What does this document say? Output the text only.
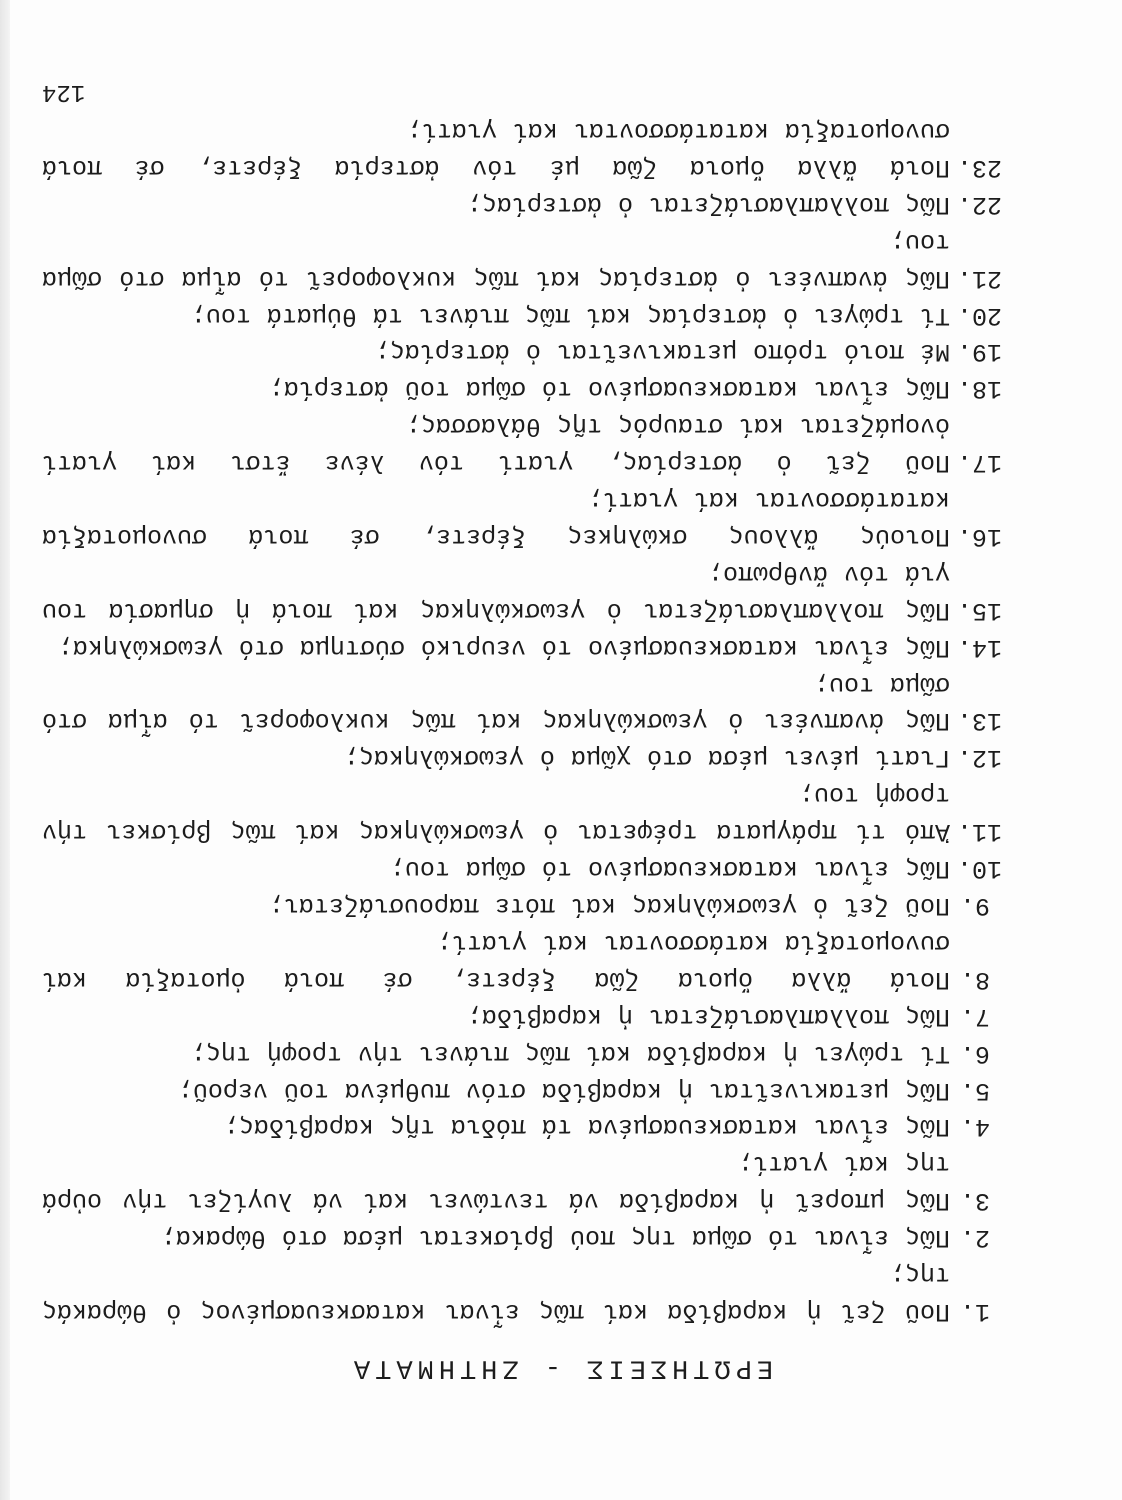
ΕΡΩΤΗΣΕΙΣ - ΖΗΤΗΜΑΤΑ
1.
Ποῦ ζεῖ ἡ καραβίδα καί πῶς εἶναι κατασκευασμένος ὁ θώρακάς της;
2.
Πῶς εἶναι τό σῶμα της πού βρίσκεται μέσα στό θώρακα;
3.
Πῶς μπορεῖ ἡ καραβίδα νά τεντώνει καί νά λυγίζει τήν οὐρά της καί γιατί;
4.
Πῶς εἶναι κατασκευασμένα τά πόδια τῆς καραβίδας;
5.
Πῶς μετακινεῖται ἡ καραβίδα στόν πυθμένα τοῦ νεροῦ;
6.
Τί τρώγει ἡ καραβίδα καί πῶς πιάνει τήν τροφή της;
7.
Πῶς πολλαπλασιάζεται ἡ καραβίδα;
8.
Ποιά ἄλλα ὅμοια ζῶα ξέρετε, σέ ποιά ὁμοταξία καί συνομοταξία κατάσσονται καί γιατί;
9.
Ποῦ ζεῖ ὁ γεωσκώληκας καί πότε παρουσιάζεται;
10.
Πῶς εἶναι κατασκευασμένο τό σῶμα του;
11.
Ἀπό τί πράγματα τρέφεται ὁ γεωσκώληκας καί πῶς βρίσκει τήν τροφή του;
12.
Γιατί μένει μέσα στό χῶμα ὁ γεωσκώληκας;
13.
Πῶς ἀναπνέει ὁ γεωσκώληκας καί πῶς κυκλοφορεῖ τό αἷμα στό σῶμα του;
14.
Πῶς εἶναι κατασκευασμένο τό νευρικό σύστημα στό γεωσκώληκα;
15.
Πῶς πολλαπλασιάζεται ὁ γεωσκώληκας καί ποιά ἡ σημασία του γιά τόν ἄνθρωπο;
16.
Ποιούς ἄλλους σκώληκες ξέρετε, σέ ποιά συνομοταξία κατατάσσονται καί γιατί;
17.
Ποῦ ζεῖ ὁ ἀστερίας, γιατί τόν λένε ἔτσι καί γιατί ὀνομάζεται καί σταυρός τῆς θάλασσας;
18.
Πῶς εἶναι κατασκευασμένο τό σῶμα τοῦ ἀστερία;
19.
Μέ ποιό τρόπο μετακινεῖται ὁ ἀστερίας;
20.
Τί τρώγει ὁ ἀστερίας καί πῶς πιάνει τά θύματά του;
21.
Πῶς ἀναπνέει ὁ ἀστερίας καί πῶς κυκλοφορεῖ τό αἷμα στό σῶμα του;
22.
Πῶς πολλαπλασιάζεται ὁ ἀστερίας;
23.
Ποιά ἄλλα ὅμοια ζῶα μέ τόν ἀστερία ξέρετε, σέ ποιά συνομοταξία κατατάσσονται καί γιατί;
124
